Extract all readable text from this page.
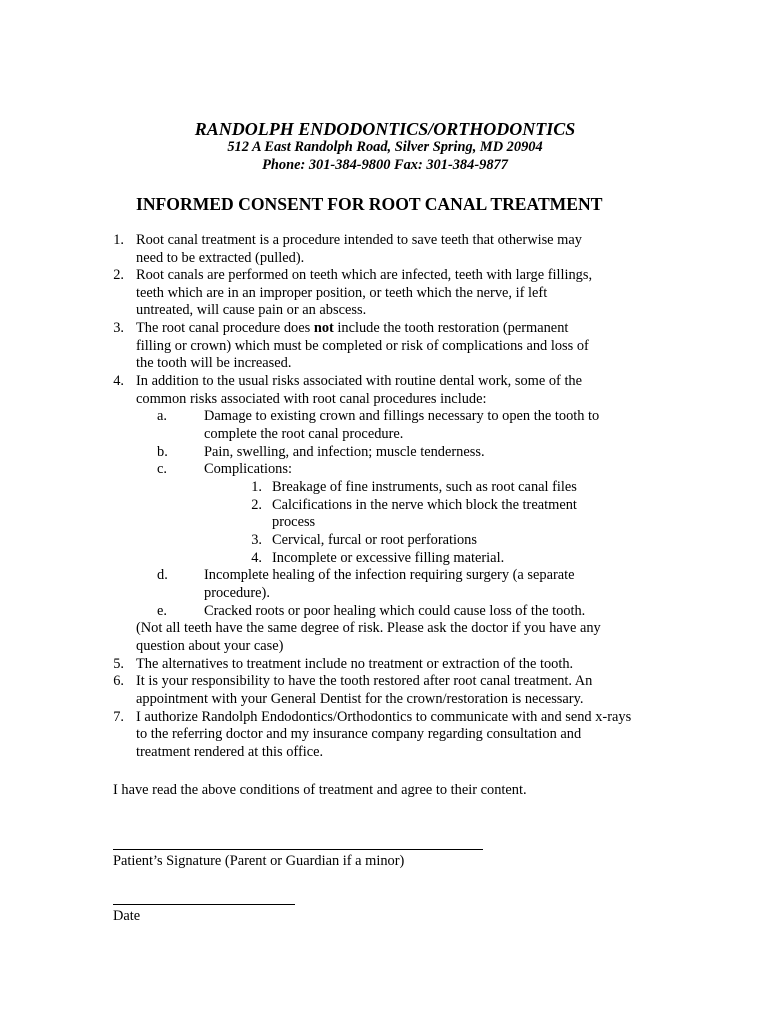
RANDOLPH ENDODONTICS/ORTHODONTICS
512 A East Randolph Road, Silver Spring, MD 20904
Phone: 301-384-9800 Fax: 301-384-9877
INFORMED CONSENT FOR ROOT CANAL TREATMENT
1. Root canal treatment is a procedure intended to save teeth that otherwise may
need to be extracted (pulled).
2. Root canals are performed on teeth which are infected, teeth with large fillings,
teeth which are in an improper position, or teeth which the nerve, if left
untreated, will cause pain or an abscess.
3. The root canal procedure does not include the tooth restoration (permanent
filling or crown) which must be completed or risk of complications and loss of
the tooth will be increased.
4. In addition to the usual risks associated with routine dental work, some of the
common risks associated with root canal procedures include:
a.	Damage to existing crown and fillings necessary to open the tooth to
complete the root canal procedure.
b.	Pain, swelling, and infection; muscle tenderness.
c.	Complications:
1. Breakage of fine instruments, such as root canal files
2. Calcifications in the nerve which block the treatment
process
3. Cervical, furcal or root perforations
4. Incomplete or excessive filling material.
d.	Incomplete healing of the infection requiring surgery (a separate
procedure).
e.	Cracked roots or poor healing which could cause loss of the tooth.
(Not all teeth have the same degree of risk. Please ask the doctor if you have any
question about your case)
5. The alternatives to treatment include no treatment or extraction of the tooth.
6. It is your responsibility to have the tooth restored after root canal treatment. An
appointment with your General Dentist for the crown/restoration is necessary.
7. I authorize Randolph Endodontics/Orthodontics to communicate with and send x-rays
to the referring doctor and my insurance company regarding consultation and
treatment rendered at this office.
I have read the above conditions of treatment and agree to their content.
Patient’s Signature (Parent or Guardian if a minor)
Date
